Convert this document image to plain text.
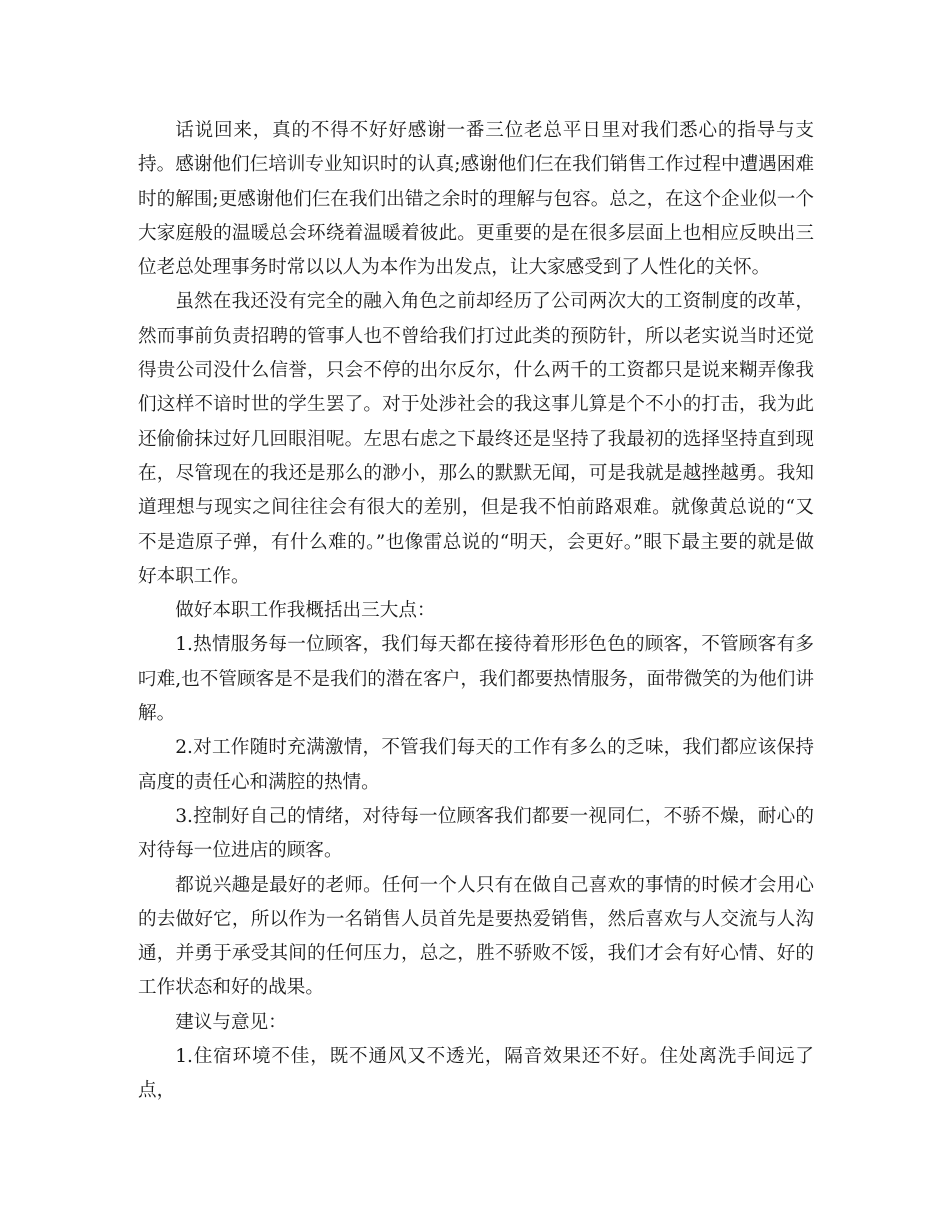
话说回来，真的不得不好好感谢一番三位老总平日里对我们悉心的指导与支持。感谢他们仨培训专业知识时的认真;感谢他们仨在我们销售工作过程中遭遇困难时的解围;更感谢他们仨在我们出错之余时的理解与包容。总之，在这个企业似一个大家庭般的温暖总会环绕着温暖着彼此。更重要的是在很多层面上也相应反映出三位老总处理事务时常以以人为本作为出发点，让大家感受到了人性化的关怀。

虽然在我还没有完全的融入角色之前却经历了公司两次大的工资制度的改革，然而事前负责招聘的管事人也不曾给我们打过此类的预防针，所以老实说当时还觉得贵公司没什么信誉，只会不停的出尔反尔，什么两千的工资都只是说来糊弄像我们这样不谙时世的学生罢了。对于处涉社会的我这事儿算是个不小的打击，我为此还偷偷抹过好几回眼泪呢。左思右虑之下最终还是坚持了我最初的选择坚持直到现在，尽管现在的我还是那么的渺小，那么的默默无闻，可是我就是越挫越勇。我知道理想与现实之间往往会有很大的差别，但是我不怕前路艰难。就像黄总说的“又不是造原子弹，有什么难的。”也像雷总说的“明天，会更好。”眼下最主要的就是做好本职工作。

做好本职工作我概括出三大点：

1.热情服务每一位顾客，我们每天都在接待着形形色色的顾客，不管顾客有多叼难,也不管顾客是不是我们的潜在客户，我们都要热情服务，面带微笑的为他们讲解。

2.对工作随时充满激情，不管我们每天的工作有多么的乏味，我们都应该保持高度的责任心和满腔的热情。

3.控制好自己的情绪，对待每一位顾客我们都要一视同仁，不骄不燥，耐心的对待每一位进店的顾客。

都说兴趣是最好的老师。任何一个人只有在做自己喜欢的事情的时候才会用心的去做好它，所以作为一名销售人员首先是要热爱销售，然后喜欢与人交流与人沟通，并勇于承受其间的任何压力，总之，胜不骄败不馁，我们才会有好心情、好的工作状态和好的战果。

建议与意见：

1.住宿环境不佳，既不通风又不透光，隔音效果还不好。住处离洗手间远了点，
